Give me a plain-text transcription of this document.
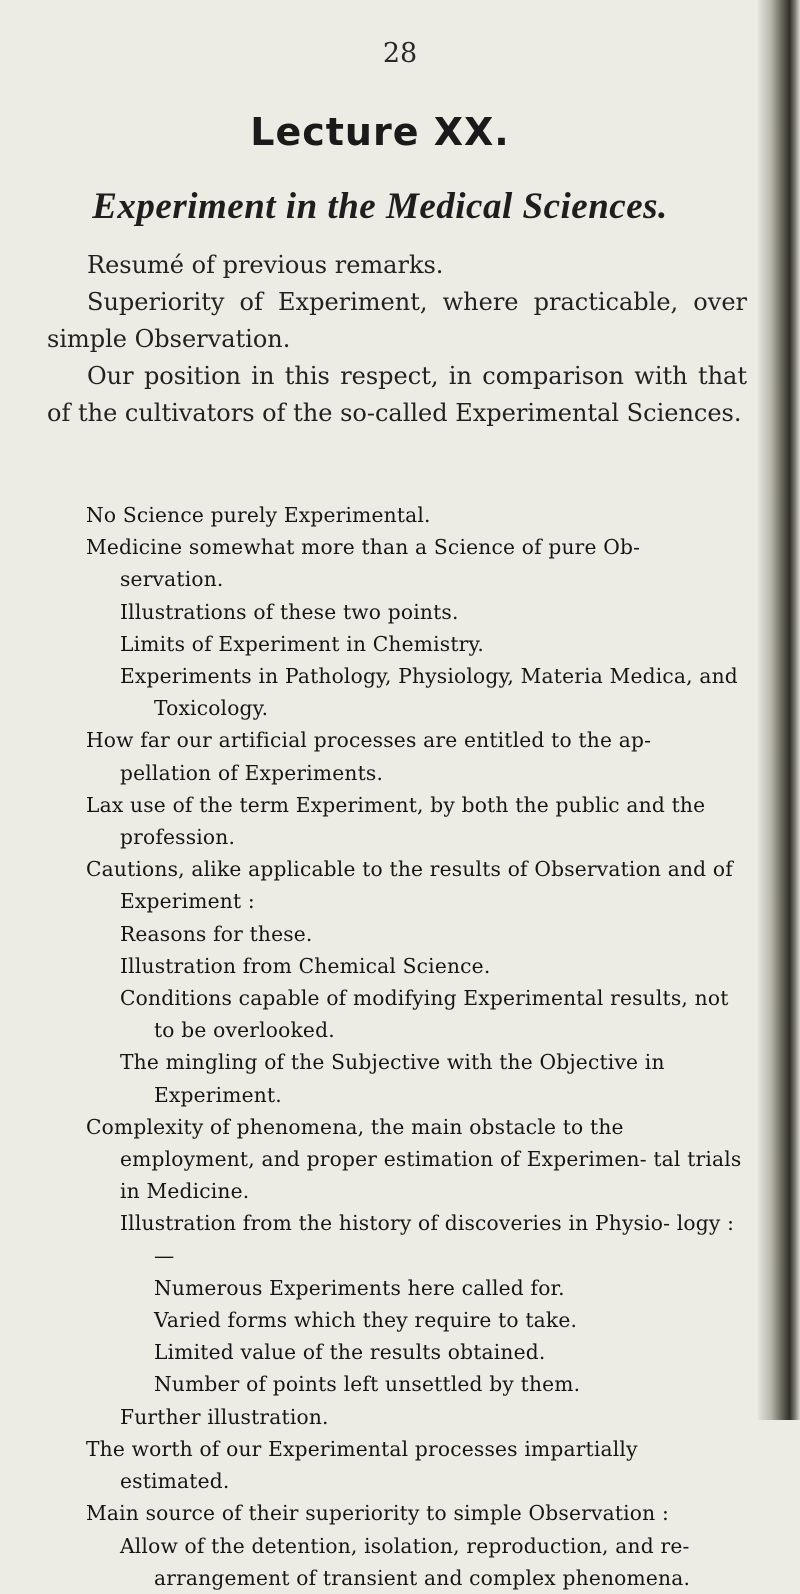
28
Lecture XX.
Experiment in the Medical Sciences.

Resumé of previous remarks.

Superiority of Experiment, where practicable, over simple Observation.

Our position in this respect, in comparison with that of the cultivators of the so-called Experimental Sciences.

No Science purely Experimental.
Medicine somewhat more than a Science of pure Ob- servation.
Illustrations of these two points.
Limits of Experiment in Chemistry.
Experiments in Pathology, Physiology, Materia Medica, and Toxicology.
How far our artificial processes are entitled to the ap- pellation of Experiments.
Lax use of the term Experiment, by both the public and the profession.
Cautions, alike applicable to the results of Observation and of Experiment :
Reasons for these.
Illustration from Chemical Science.
Conditions capable of modifying Experimental results, not to be overlooked.
The mingling of the Subjective with the Objective in Experiment.
Complexity of phenomena, the main obstacle to the employment, and proper estimation of Experimen- tal trials in Medicine.
Illustration from the history of discoveries in Physio- logy :—
Numerous Experiments here called for.
Varied forms which they require to take.
Limited value of the results obtained.
Number of points left unsettled by them.
Further illustration.
The worth of our Experimental processes impartially estimated.
Main source of their superiority to simple Observation :
Allow of the detention, isolation, reproduction, and re- arrangement of transient and complex phenomena.
